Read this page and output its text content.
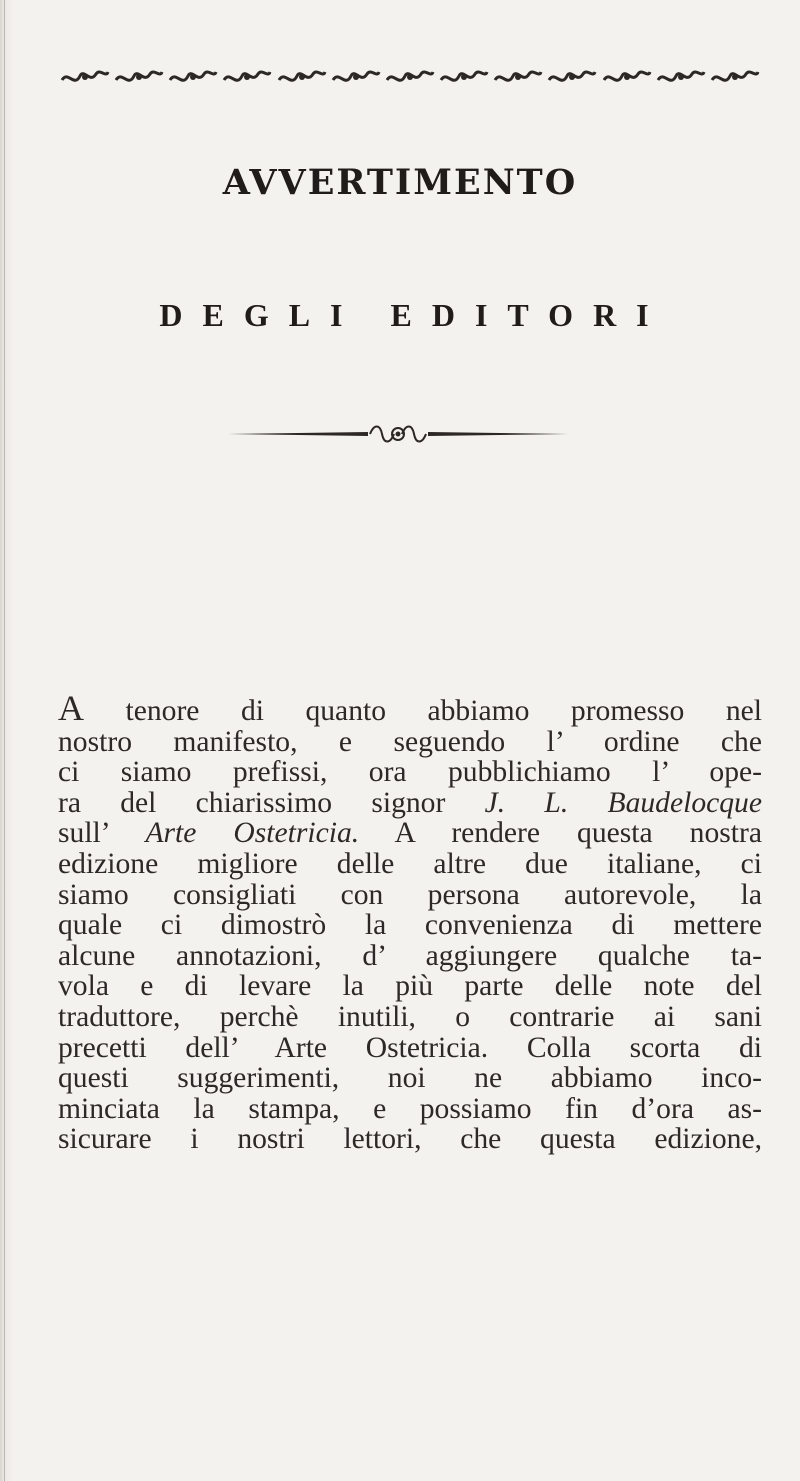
AVVERTIMENTO
DEGLI EDITORI
A tenore di quanto abbiamo promesso nel
nostro manifesto, e seguendo l’ ordine che
ci siamo prefissi, ora pubblichiamo l’ ope-
ra del chiarissimo signor J. L. Baudelocque
sull’ Arte Ostetricia. A rendere questa nostra
edizione migliore delle altre due italiane, ci
siamo consigliati con persona autorevole, la
quale ci dimostrò la convenienza di mettere
alcune annotazioni, d’ aggiungere qualche ta-
vola e di levare la più parte delle note del
traduttore, perchè inutili, o contrarie ai sani
precetti dell’ Arte Ostetricia. Colla scorta di
questi suggerimenti, noi ne abbiamo inco-
minciata la stampa, e possiamo fin d’ora as-
sicurare i nostri lettori, che questa edizione,
